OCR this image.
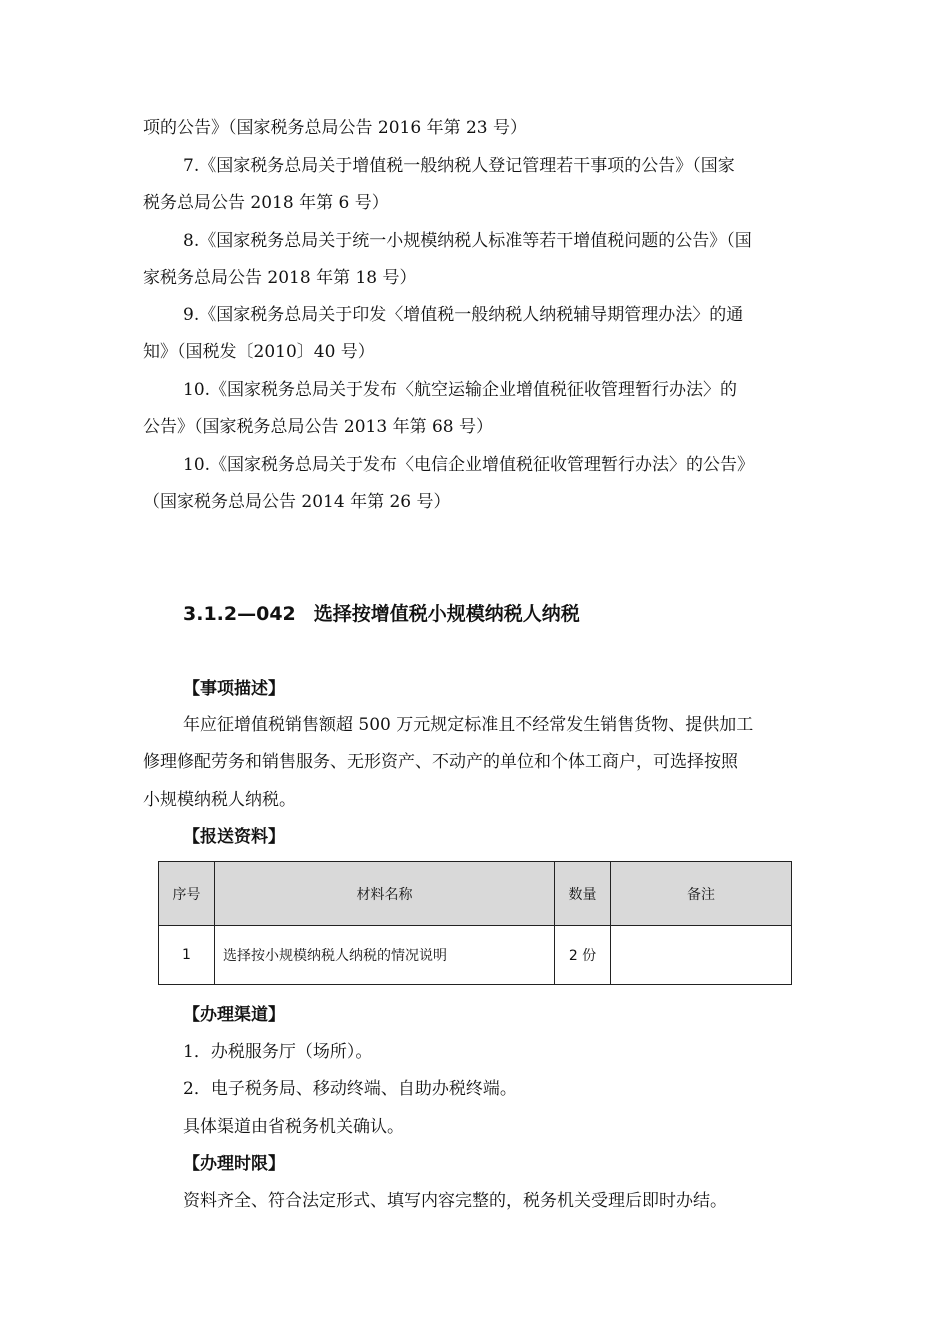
项的公告》（国家税务总局公告 2016 年第 23 号）
7.《国家税务总局关于增值税一般纳税人登记管理若干事项的公告》（国家
税务总局公告 2018 年第 6 号）
8.《国家税务总局关于统一小规模纳税人标准等若干增值税问题的公告》（国
家税务总局公告 2018 年第 18 号）
9.《国家税务总局关于印发〈增值税一般纳税人纳税辅导期管理办法〉的通
知》（国税发〔2010〕40 号）
10.《国家税务总局关于发布〈航空运输企业增值税征收管理暂行办法〉的
公告》（国家税务总局公告 2013 年第 68 号）
10.《国家税务总局关于发布〈电信企业增值税征收管理暂行办法〉的公告》
（国家税务总局公告 2014 年第 26 号）
3.1.2—042 选择按增值税小规模纳税人纳税
【事项描述】
年应征增值税销售额超 500 万元规定标准且不经常发生销售货物、提供加工
修理修配劳务和销售服务、无形资产、不动产的单位和个体工商户，可选择按照
小规模纳税人纳税。
【报送资料】
序号	材料名称	数量	备注
1	选择按小规模纳税人纳税的情况说明	2 份	
【办理渠道】
1．办税服务厅（场所）。
2．电子税务局、移动终端、自助办税终端。
具体渠道由省税务机关确认。
【办理时限】
资料齐全、符合法定形式、填写内容完整的，税务机关受理后即时办结。
